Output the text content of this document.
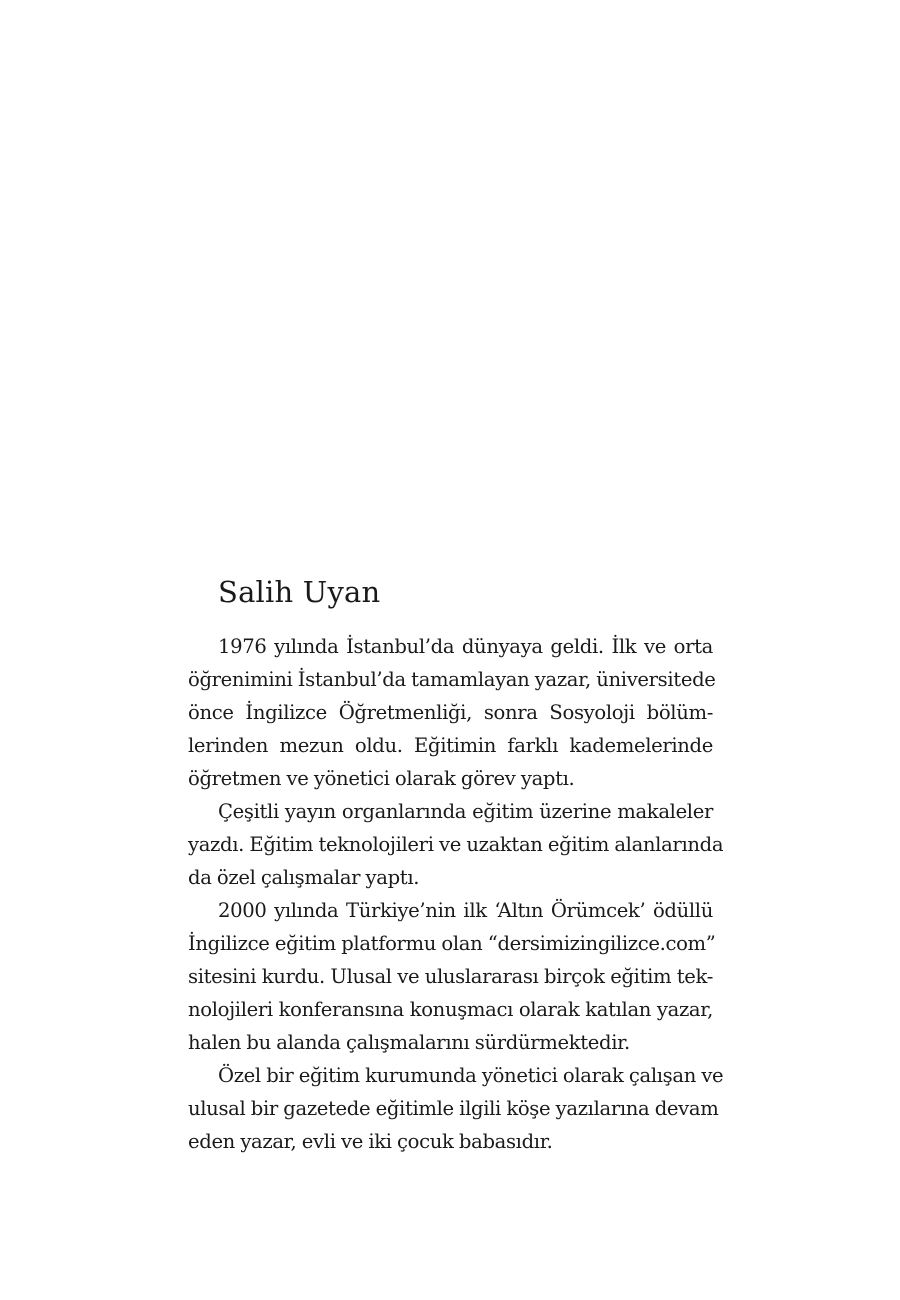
Salih Uyan
1976 yılında İstanbul’da dünyaya geldi. İlk ve orta
öğrenimini İstanbul’da tamamlayan yazar, üniversitede
önce İngilizce Öğretmenliği, sonra Sosyoloji bölüm-
lerinden mezun oldu. Eğitimin farklı kademelerinde
öğretmen ve yönetici olarak görev yaptı.
Çeşitli yayın organlarında eğitim üzerine makaleler
yazdı. Eğitim teknolojileri ve uzaktan eğitim alanlarında
da özel çalışmalar yaptı.
2000 yılında Türkiye’nin ilk ‘Altın Örümcek’ ödüllü
İngilizce eğitim platformu olan “dersimizingilizce.com”
sitesini kurdu. Ulusal ve uluslararası birçok eğitim tek-
nolojileri konferansına konuşmacı olarak katılan yazar,
halen bu alanda çalışmalarını sürdürmektedir.
Özel bir eğitim kurumunda yönetici olarak çalışan ve
ulusal bir gazetede eğitimle ilgili köşe yazılarına devam
eden yazar, evli ve iki çocuk babasıdır.
